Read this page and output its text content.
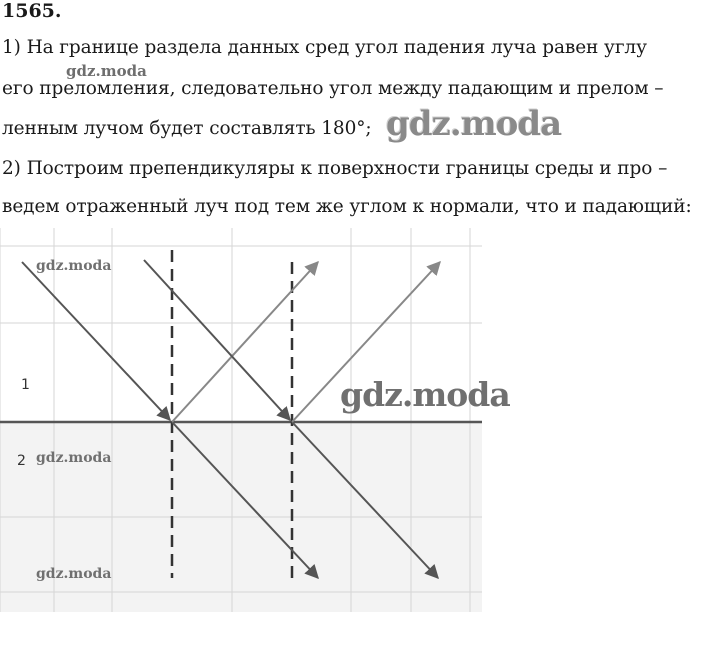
1565.
1) На границе раздела данных сред угол падения луча равен углу
его преломления, следовательно угол между падающим и прелом –
ленным лучом будет составлять 180°;
2) Построим препендикуляры к поверхности границы среды и про –
ведем отраженный луч под тем же углом к нормали, что и падающий:
gdz.moda
gdz.moda
1
2
gdz.moda
gdz.moda
gdz.moda
gdz.moda
